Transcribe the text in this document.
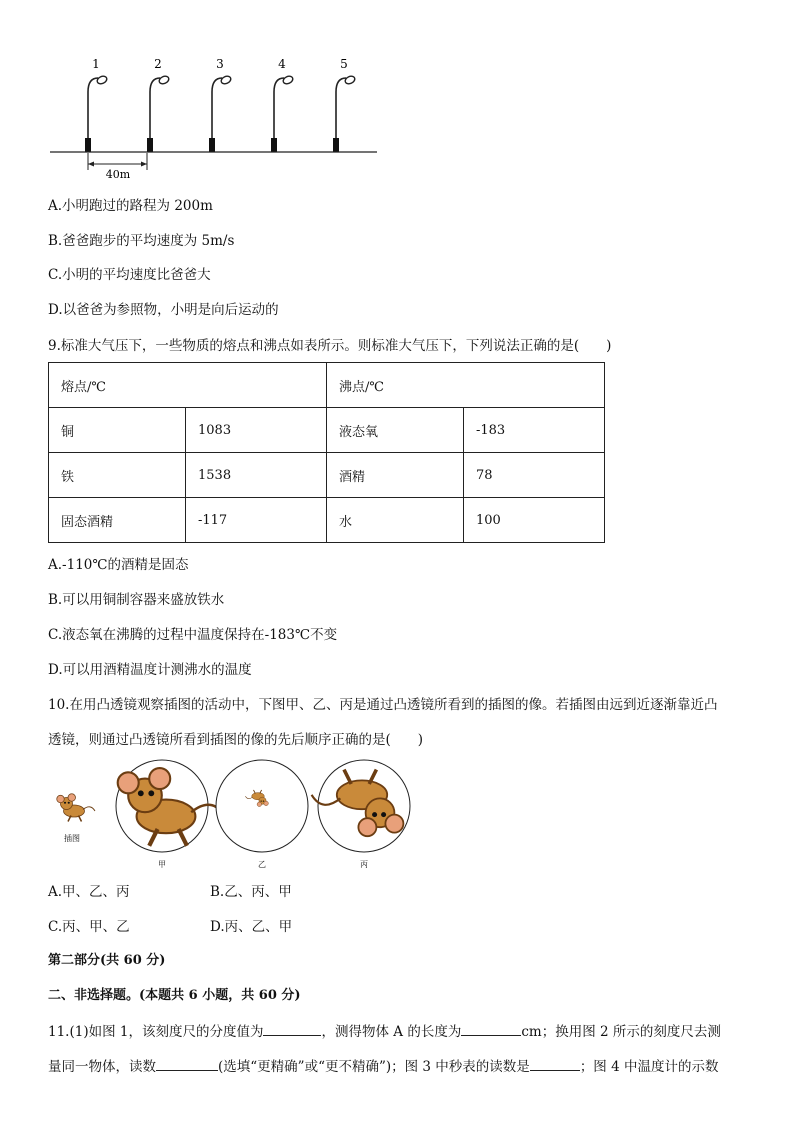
1	2	3	4	5
40m
A.小明跑过的路程为 200m
B.爸爸跑步的平均速度为 5m/s
C.小明的平均速度比爸爸大
D.以爸爸为参照物，小明是向后运动的
9.标准大气压下，一些物质的熔点和沸点如表所示。则标准大气压下，下列说法正确的是(　　)
熔点/℃		沸点/℃	
铜	1083	液态氧	-183
铁	1538	酒精	78
固态酒精	-117	水	100
A.-110℃的酒精是固态
B.可以用铜制容器来盛放铁水
C.液态氧在沸腾的过程中温度保持在-183℃不变
D.可以用酒精温度计测沸水的温度
10.在用凸透镜观察插图的活动中，下图甲、乙、丙是通过凸透镜所看到的插图的像。若插图由远到近逐渐靠近凸
透镜，则通过凸透镜所看到插图的像的先后顺序正确的是(　　)
插图
甲	乙	丙
A.甲、乙、丙	B.乙、丙、甲
C.丙、甲、乙	D.丙、乙、甲
第二部分(共 60 分)
二、非选择题。(本题共 6 小题，共 60 分)
11.(1)如图 1，该刻度尺的分度值为	，测得物体 A 的长度为	cm；换用图 2 所示的刻度尺去测
量同一物体，读数	(选填“更精确”或“更不精确”)；图 3 中秒表的读数是	；图 4 中温度计的示数
